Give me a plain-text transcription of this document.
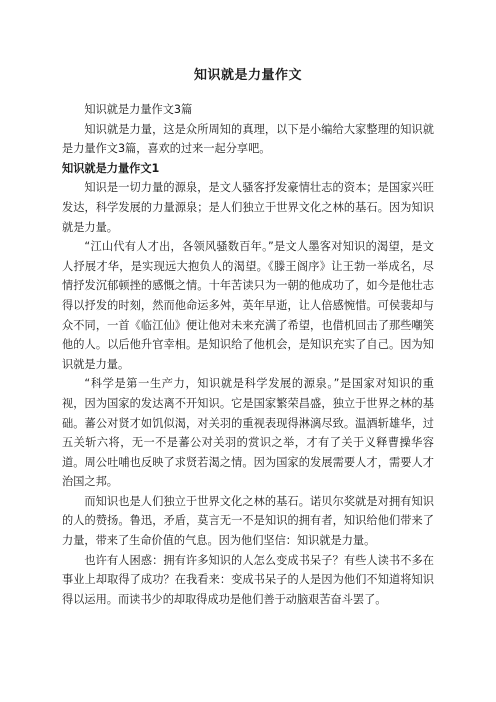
知识就是力量作文

知识就是力量作文3篇

知识就是力量，这是众所周知的真理，以下是小编给大家整理的知识就是力量作文3篇，喜欢的过来一起分享吧。

知识就是力量作文1

知识是一切力量的源泉，是文人骚客抒发豪情壮志的资本；是国家兴旺发达，科学发展的力量源泉；是人们独立于世界文化之林的基石。因为知识就是力量。

“江山代有人才出，各领风骚数百年。”是文人墨客对知识的渴望，是文人抒展才华，是实现远大抱负人的渴望。《滕王阁序》让王勃一举成名，尽情抒发沉郁顿挫的感慨之情。十年苦读只为一朝的他成功了，如今是他壮志得以抒发的时刻，然而他命运多舛，英年早逝，让人倍感惋惜。可侯裴却与众不同，一首《临江仙》便让他对未来充满了希望，也借机回击了那些嘲笑他的人。以后他升官幸相。是知识给了他机会，是知识充实了自己。因为知识就是力量。

“科学是第一生产力，知识就是科学发展的源泉。”是国家对知识的重视，因为国家的发达离不开知识。它是国家繁荣昌盛，独立于世界之林的基础。蕃公对贤才如饥似渴，对关羽的重视表现得淋漓尽致。温酒斩雄华，过五关斩六将，无一不是蕃公对关羽的赏识之举，才有了关于义释曹操华容道。周公吐哺也反映了求贤若渴之情。因为国家的发展需要人才，需要人才治国之邦。

而知识也是人们独立于世界文化之林的基石。诺贝尔奖就是对拥有知识的人的赞扬。鲁迅，矛盾，莫言无一不是知识的拥有者，知识给他们带来了力量，带来了生命价值的气息。因为他们坚信：知识就是力量。

也许有人困惑：拥有许多知识的人怎么变成书呆子？有些人读书不多在事业上却取得了成功？在我看来：变成书呆子的人是因为他们不知道将知识得以运用。而读书少的却取得成功是他们善于动脑艰苦奋斗罢了。
